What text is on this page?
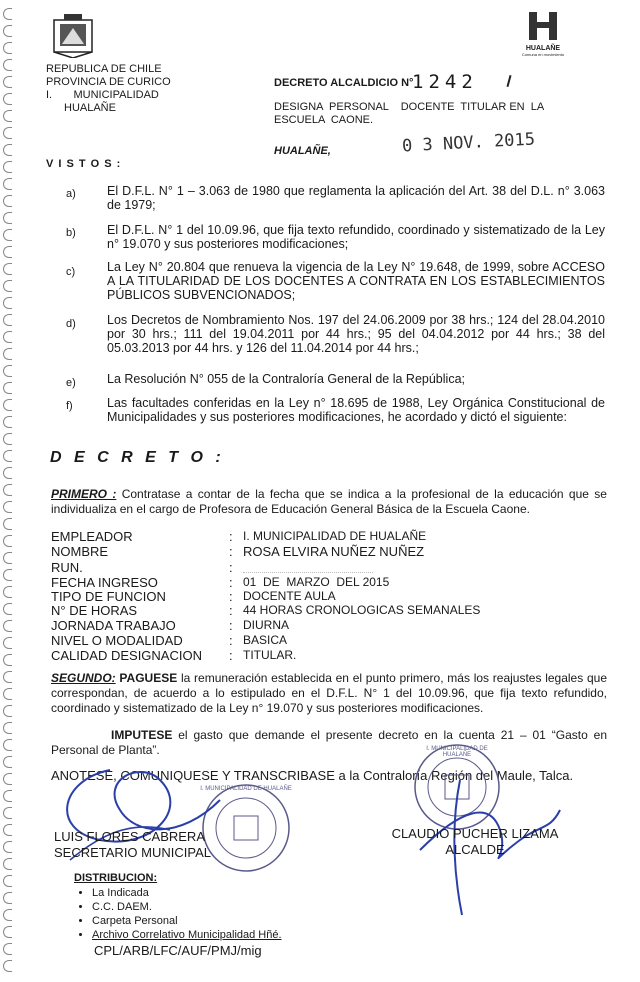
HUALAÑE
Comuna en movimiento
REPUBLICA DE CHILE
PROVINCIA DE CURICO
I.       MUNICIPALIDAD
HUALAÑE
DECRETO ALCALDICIO N°
1242
DESIGNA  PERSONAL    DOCENTE  TITULAR EN  LA
ESCUELA  CAONE.
HUALAÑE,	0 3 NOV. 2015
V I S T O S :
a) El D.F.L. N° 1 – 3.063 de 1980 que reglamenta la aplicación del Art. 38 del D.L. n° 3.063 de 1979;
b) El D.F.L. N° 1 del 10.09.96, que fija texto refundido, coordinado y sistematizado de la Ley n° 19.070 y sus posteriores modificaciones;
c)	La Ley N° 20.804 que renueva la vigencia de la Ley N° 19.648, de 1999, sobre ACCESO A LA TITULARIDAD DE LOS DOCENTES A CONTRATA EN LOS ESTABLECIMIENTOS PÚBLICOS SUBVENCIONADOS;
d) Los Decretos de Nombramiento Nos. 197 del 24.06.2009 por 38 hrs.; 124 del 28.04.2010 por 30 hrs.; 111 del 19.04.2011 por 44 hrs.; 95 del 04.04.2012 por 44 hrs.; 38 del 05.03.2013 por 44 hrs. y 126 del 11.04.2014 por 44 hrs.;
e) La Resolución N° 055 de la Contraloría General de la República;
f)	Las facultades conferidas en la Ley n° 18.695 de 1988, Ley Orgánica Constitucional de Municipalidades y sus posteriores modificaciones, he acordado y dictó el siguiente:
D E C R E T O :
PRIMERO : Contratase a contar de la fecha que se indica a la profesional de la educación que se individualiza en el cargo de Profesora de Educación General Básica de la Escuela Caone.
EMPLEADOR	: I. MUNICIPALIDAD DE HUALAÑE
NOMBRE	: ROSA ELVIRA NUÑEZ NUÑEZ
RUN.	:
FECHA INGRESO	: 01  DE  MARZO  DEL 2015
TIPO DE FUNCION	: DOCENTE AULA
N° DE HORAS	: 44 HORAS CRONOLOGICAS SEMANALES
JORNADA TRABAJO	: DIURNA
NIVEL O MODALIDAD	: BASICA
CALIDAD DESIGNACION	: TITULAR.
SEGUNDO: PAGUESE la remuneración establecida en el punto primero, más los reajustes legales que correspondan, de acuerdo a lo estipulado en el D.F.L. N° 1 del 10.09.96, que fija texto refundido, coordinado y sistematizado de la Ley n° 19.070 y sus posteriores modificaciones.
IMPUTESE el gasto que demande el presente decreto en la cuenta 21 – 01 “Gasto en Personal de Planta”.
ANOTESE, COMUNIQUESE Y TRANSCRIBASE a la Contraloría Región del Maule, Talca.
I. MUNICIPALIDAD DE HUALAÑE
I. MUNICIPALIDAD DE HUALAÑE
LUIS FLORES CABRERA
SECRETARIO MUNICIPAL
CLAUDIO PUCHER LIZAMA
ALCALDE
DISTRIBUCION:
• La Indicada
• C.C. DAEM.
• Carpeta Personal
• Archivo Correlativo Municipalidad Hñé.
CPL/ARB/LFC/AUF/PMJ/mig
